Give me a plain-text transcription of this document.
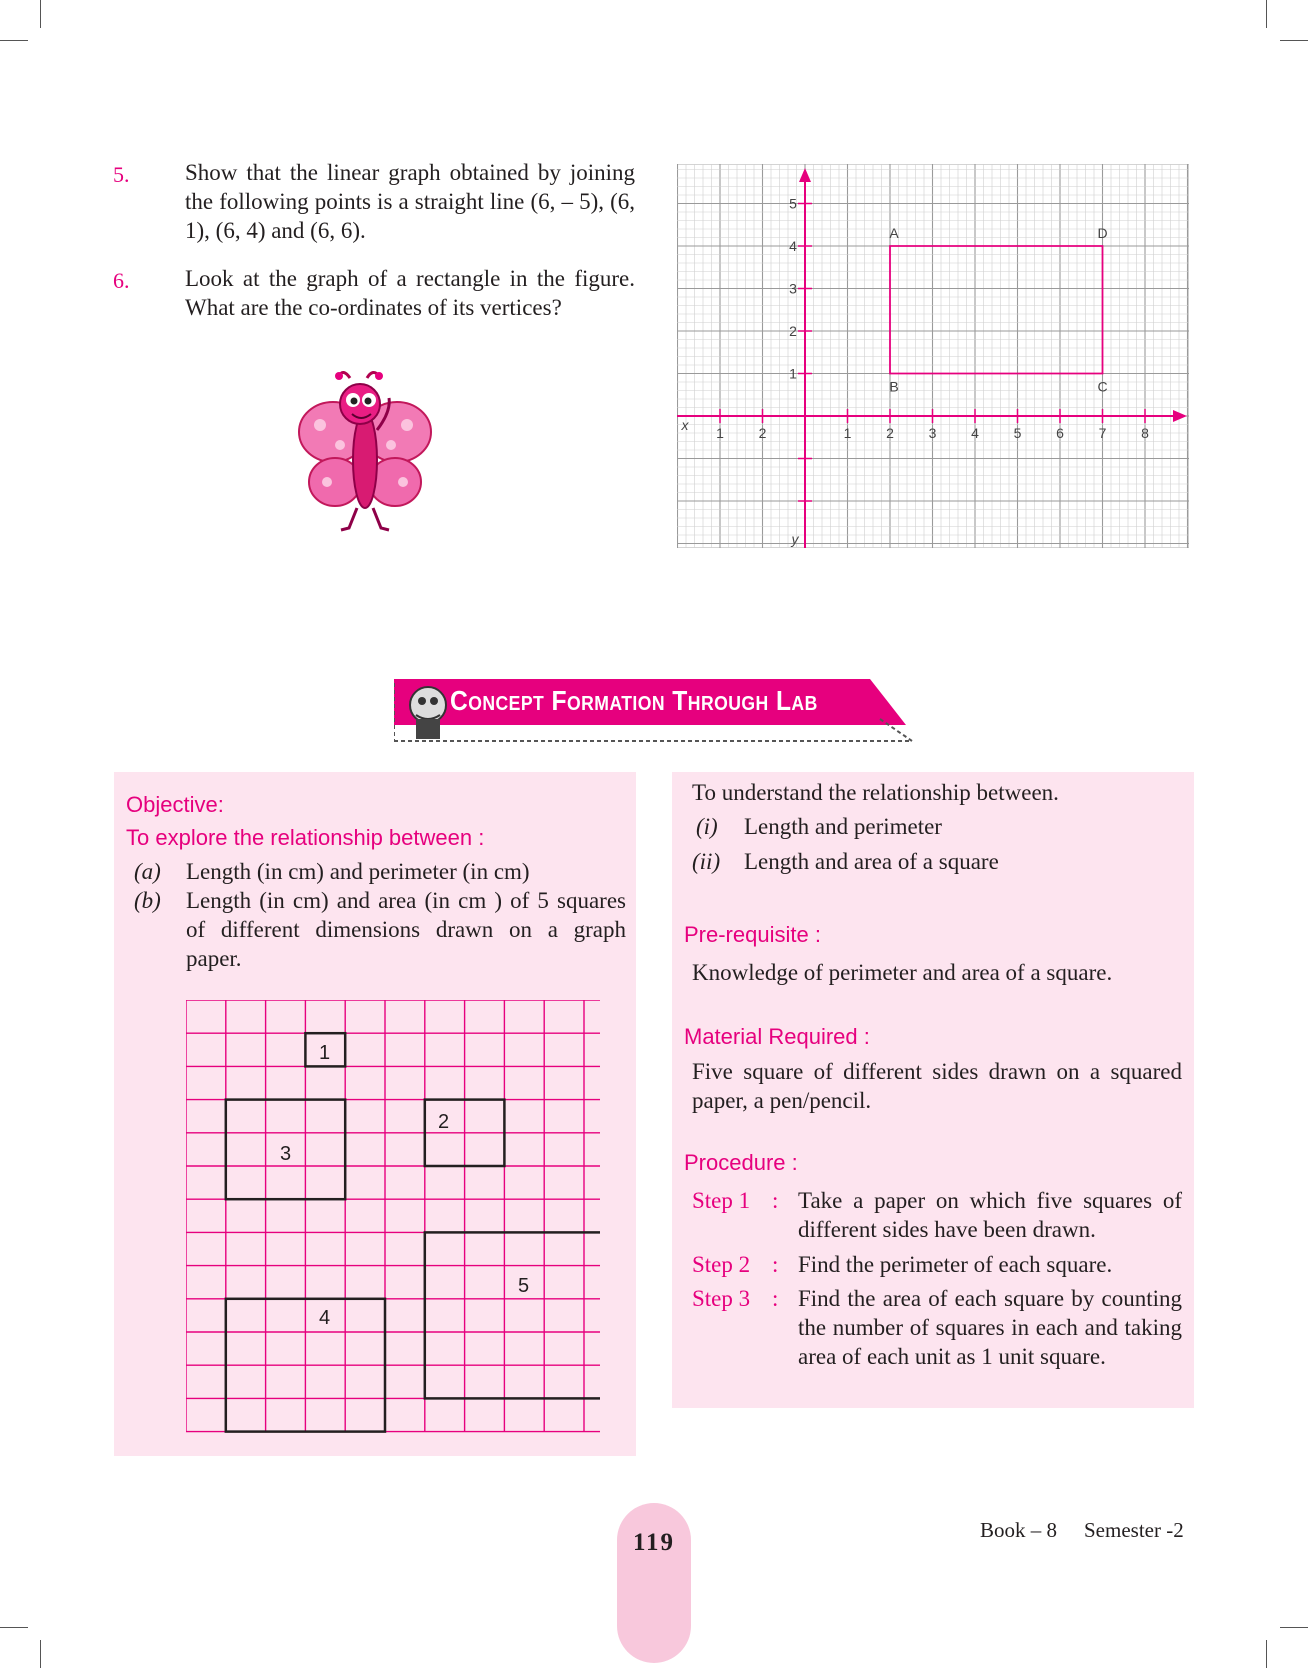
5. Show that the linear graph obtained by joining the following points is a straight line (6, – 5), (6, 1), (6, 4) and (6, 6).
6. Look at the graph of a rectangle in the figure. What are the co-ordinates of its vertices?
1 2	1 2 3 4 5 6 7 8
1
2
3
4
5
x
y
A	D
C
B
Concept Formation Through Lab
Objective:
To explore the relationship between :
(a) Length (in cm) and perimeter (in cm)
(b) Length (in cm) and area (in cm ) of 5 squares of different dimensions drawn on a graph paper.
1
2
3
4
5
To understand the relationship between.
(i) Length and perimeter
(ii) Length and area of a square
Pre-requisite :
Knowledge of perimeter and area of a square.
Material Required :
Five square of different sides drawn on a squared paper, a pen/pencil.
Procedure :
Step 1 : Take a paper on which five squares of different sides have been drawn.
Step 2 : Find the perimeter of each square.
Step 3 : Find the area of each square by counting the number of squares in each and taking area of each unit as 1 unit square.
119	Book – 8 Semester -2
